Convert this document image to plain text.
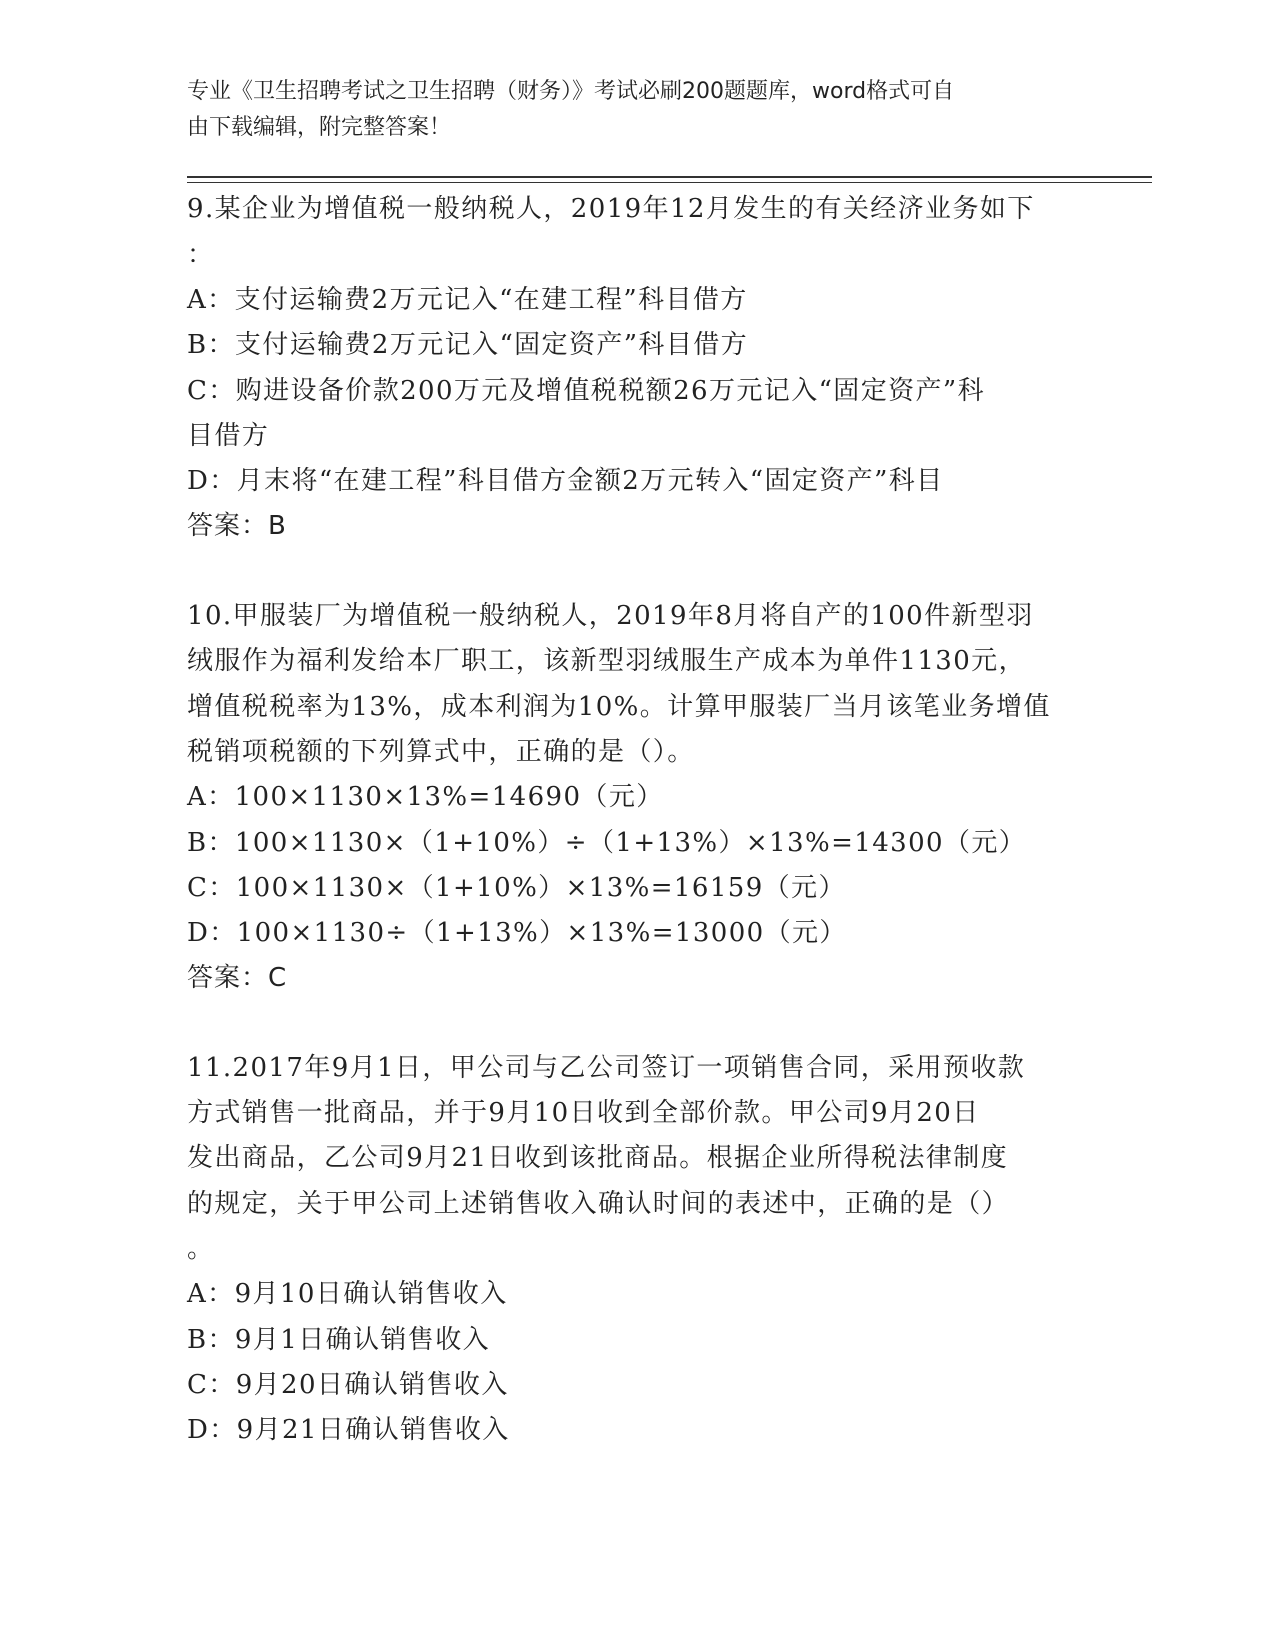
专业《卫生招聘考试之卫生招聘（财务）》考试必刷200题题库，word格式可自
由下载编辑，附完整答案！
9.某企业为增值税一般纳税人，2019年12月发生的有关经济业务如下
：
A：支付运输费2万元记入“在建工程”科目借方
B：支付运输费2万元记入“固定资产”科目借方
C：购进设备价款200万元及增值税税额26万元记入“固定资产”科
目借方
D：月末将“在建工程”科目借方金额2万元转入“固定资产”科目
答案：B
10.甲服装厂为增值税一般纳税人，2019年8月将自产的100件新型羽
绒服作为福利发给本厂职工，该新型羽绒服生产成本为单件1130元，
增值税税率为13%，成本利润为10%。计算甲服装厂当月该笔业务增值
税销项税额的下列算式中，正确的是（）。
A：100×1130×13%=14690（元）
B：100×1130×（1+10%）÷（1+13%）×13%=14300（元）
C：100×1130×（1+10%）×13%=16159（元）
D：100×1130÷（1+13%）×13%=13000（元）
答案：C
11.2017年9月1日，甲公司与乙公司签订一项销售合同，采用预收款
方式销售一批商品，并于9月10日收到全部价款。甲公司9月20日
发出商品，乙公司9月21日收到该批商品。根据企业所得税法律制度
的规定，关于甲公司上述销售收入确认时间的表述中，正确的是（）
。
A：9月10日确认销售收入
B：9月1日确认销售收入
C：9月20日确认销售收入
D：9月21日确认销售收入
